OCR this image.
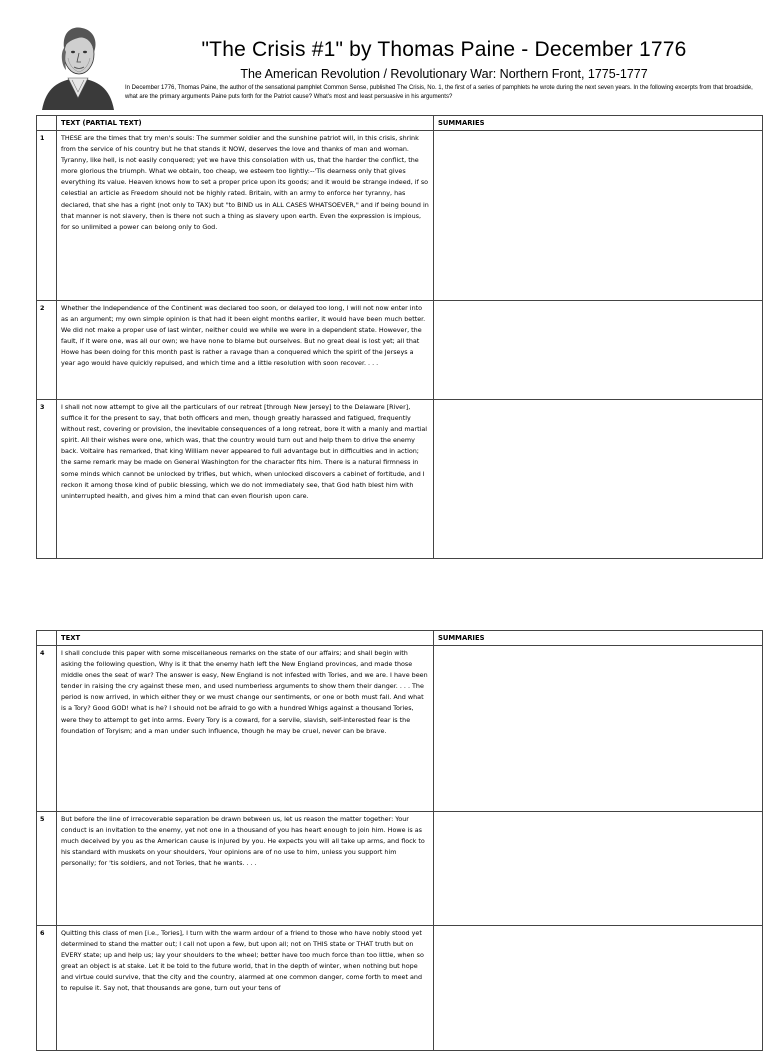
"The Crisis #1" by Thomas Paine - December 1776
The American Revolution / Revolutionary War: Northern Front, 1775-1777
In December 1776, Thomas Paine, the author of the sensational pamphlet Common Sense, published The Crisis, No. 1, the first of a series of pamphlets he wrote during the next seven years. In the following excerpts from that broadside, what are the primary arguments Paine puts forth for the Patriot cause? What's most and least persuasive in his arguments?
	TEXT (PARTIAL TEXT)	SUMMARIES
1	THESE are the times that try men's souls: The summer soldier and the sunshine patriot will, in this crisis, shrink from the service of his country but he that stands it NOW, deserves the love and thanks of man and woman. Tyranny, like hell, is not easily conquered; yet we have this consolation with us, that the harder the conflict, the more glorious the triumph. What we obtain, too cheap, we esteem too lightly:--'Tis dearness only that gives everything its value. Heaven knows how to set a proper price upon its goods; and it would be strange indeed, if so celestial an article as Freedom should not be highly rated. Britain, with an army to enforce her tyranny, has declared, that she has a right (not only to TAX) but "to BIND us in ALL CASES WHATSOEVER," and if being bound in that manner is not slavery, then is there not such a thing as slavery upon earth. Even the expression is impious, for so unlimited a power can belong only to God.	
2	Whether the Independence of the Continent was declared too soon, or delayed too long, I will not now enter into as an argument; my own simple opinion is that had it been eight months earlier, it would have been much better. We did not make a proper use of last winter, neither could we while we were in a dependent state. However, the fault, if it were one, was all our own; we have none to blame but ourselves. But no great deal is lost yet; all that Howe has been doing for this month past is rather a ravage than a conquered which the spirit of the Jerseys a year ago would have quickly repulsed, and which time and a little resolution with soon recover. . . .	
3	I shall not now attempt to give all the particulars of our retreat [through New Jersey] to the Delaware [River], suffice it for the present to say, that both officers and men, though greatly harassed and fatigued, frequently without rest, covering or provision, the inevitable consequences of a long retreat, bore it with a manly and martial spirit. All their wishes were one, which was, that the country would turn out and help them to drive the enemy back. Voltaire has remarked, that king William never appeared to full advantage but in difficulties and in action; the same remark may be made on General Washington for the character fits him. There is a natural firmness in some minds which cannot be unlocked by trifles, but which, when unlocked discovers a cabinet of fortitude, and I reckon it among those kind of public blessing, which we do not immediately see, that God hath blest him with uninterrupted health, and gives him a mind that can even flourish upon care.	
	TEXT	SUMMARIES
4	I shall conclude this paper with some miscellaneous remarks on the state of our affairs; and shall begin with asking the following question, Why is it that the enemy hath left the New England provinces, and made those middle ones the seat of war? The answer is easy, New England is not infested with Tories, and we are. I have been tender in raising the cry against these men, and used numberless arguments to show them their danger. . . . The period is now arrived, in which either they or we must change our sentiments, or one or both must fall. And what is a Tory? Good GOD! what is he? I should not be afraid to go with a hundred Whigs against a thousand Tories, were they to attempt to get into arms. Every Tory is a coward, for a servile, slavish, self-interested fear is the foundation of Toryism; and a man under such influence, though he may be cruel, never can be brave.	
5	But before the line of irrecoverable separation be drawn between us, let us reason the matter together: Your conduct is an invitation to the enemy, yet not one in a thousand of you has heart enough to join him. Howe is as much deceived by you as the American cause is injured by you. He expects you will all take up arms, and flock to his standard with muskets on your shoulders, Your opinions are of no use to him, unless you support him personally; for 'tis soldiers, and not Tories, that he wants. . . .	
6	Quitting this class of men [i.e., Tories], I turn with the warm ardour of a friend to those who have nobly stood yet determined to stand the matter out; I call not upon a few, but upon all; not on THIS state or THAT truth but on EVERY state; up and help us; lay your shoulders to the wheel; better have too much force than too little, when so great an object is at stake. Let it be told to the future world, that in the depth of winter, when nothing but hope and virtue could survive, that the city and the country, alarmed at one common danger, come forth to meet and to repulse it. Say not, that thousands are gone, turn out your tens of	
